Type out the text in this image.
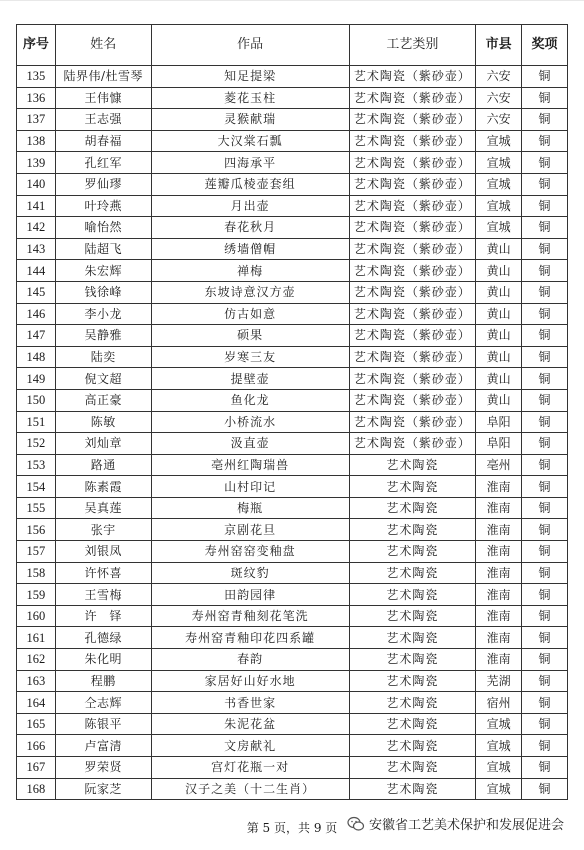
序号	姓名	作品	工艺类别	市县	奖项
135	陆界伟/杜雪琴	知足提梁	艺术陶瓷（紫砂壶）	六安	铜
136	王伟慷	菱花玉柱	艺术陶瓷（紫砂壶）	六安	铜
137	王志强	灵猴献瑞	艺术陶瓷（紫砂壶）	六安	铜
138	胡春福	大汉棠石瓢	艺术陶瓷（紫砂壶）	宣城	铜
139	孔红军	四海承平	艺术陶瓷（紫砂壶）	宣城	铜
140	罗仙璆	莲瓣瓜棱壶套组	艺术陶瓷（紫砂壶）	宣城	铜
141	叶玲燕	月出壶	艺术陶瓷（紫砂壶）	宣城	铜
142	喻怡然	春花秋月	艺术陶瓷（紫砂壶）	宣城	铜
143	陆超飞	绣墙僧帽	艺术陶瓷（紫砂壶）	黄山	铜
144	朱宏辉	禅梅	艺术陶瓷（紫砂壶）	黄山	铜
145	钱徐峰	东坡诗意汉方壶	艺术陶瓷（紫砂壶）	黄山	铜
146	李小龙	仿古如意	艺术陶瓷（紫砂壶）	黄山	铜
147	吴静雅	硕果	艺术陶瓷（紫砂壶）	黄山	铜
148	陆奕	岁寒三友	艺术陶瓷（紫砂壶）	黄山	铜
149	倪文超	提壁壶	艺术陶瓷（紫砂壶）	黄山	铜
150	高正豪	鱼化龙	艺术陶瓷（紫砂壶）	黄山	铜
151	陈敏	小桥流水	艺术陶瓷（紫砂壶）	阜阳	铜
152	刘灿章	汲直壶	艺术陶瓷（紫砂壶）	阜阳	铜
153	路通	亳州红陶瑞兽	艺术陶瓷	亳州	铜
154	陈素霞	山村印记	艺术陶瓷	淮南	铜
155	吴真莲	梅瓶	艺术陶瓷	淮南	铜
156	张宇	京剧花旦	艺术陶瓷	淮南	铜
157	刘银凤	寿州窑窑变釉盘	艺术陶瓷	淮南	铜
158	许怀喜	斑纹豹	艺术陶瓷	淮南	铜
159	王雪梅	田韵园律	艺术陶瓷	淮南	铜
160	许　铎	寿州窑青釉刻花笔洗	艺术陶瓷	淮南	铜
161	孔德绿	寿州窑青釉印花四系罐	艺术陶瓷	淮南	铜
162	朱化明	春韵	艺术陶瓷	淮南	铜
163	程鹏	家居好山好水地	艺术陶瓷	芜湖	铜
164	仝志辉	书香世家	艺术陶瓷	宿州	铜
165	陈银平	朱泥花盆	艺术陶瓷	宣城	铜
166	卢富清	文房献礼	艺术陶瓷	宣城	铜
167	罗荣贤	宫灯花瓶一对	艺术陶瓷	宣城	铜
168	阮家芝	汉子之美（十二生肖）	艺术陶瓷	宣城	铜
第 5 页，共 9 页	安徽省工艺美术保护和发展促进会
